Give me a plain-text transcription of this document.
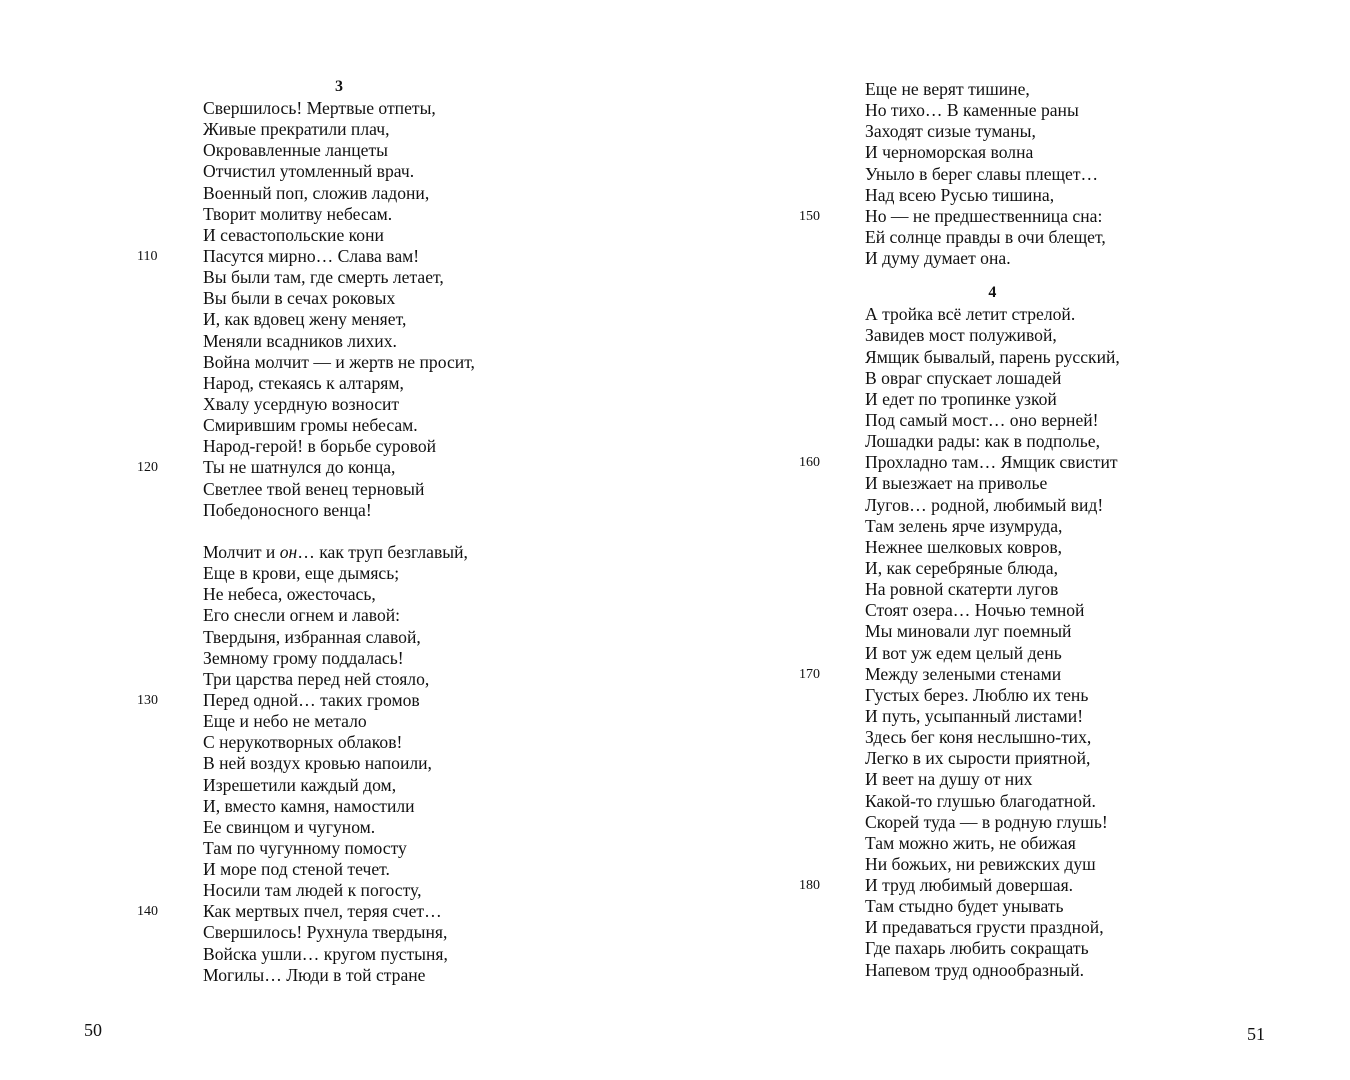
3
Свершилось! Мертвые отпеты,
Живые прекратили плач,
Окровавленные ланцеты
Отчистил утомленный врач.
Военный поп, сложив ладони,
Творит молитву небесам.
И севастопольские кони
Пасутся мирно… Слава вам!
110
Вы были там, где смерть летает,
Вы были в сечах роковых
И, как вдовец жену меняет,
Меняли всадников лихих.
Война молчит — и жертв не просит,
Народ, стекаясь к алтарям,
Хвалу усердную возносит
Смирившим громы небесам.
Народ-герой! в борьбе суровой
Ты не шатнулся до конца,
120
Светлее твой венец терновый
Победоносного венца!
Молчит и он… как труп безглавый,
Еще в крови, еще дымясь;
Не небеса, ожесточась,
Его снесли огнем и лавой:
Твердыня, избранная славой,
Земному грому поддалась!
Три царства перед ней стояло,
Перед одной… таких громов
130
Еще и небо не метало
С нерукотворных облаков!
В ней воздух кровью напоили,
Изрешетили каждый дом,
И, вместо камня, намостили
Ее свинцом и чугуном.
Там по чугунному помосту
И море под стеной течет.
Носили там людей к погосту,
Как мертвых пчел, теряя счет…
140
Свершилось! Рухнула твердыня,
Войска ушли… кругом пустыня,
Могилы… Люди в той стране
50
Еще не верят тишине,
Но тихо… В каменные раны
Заходят сизые туманы,
И черноморская волна
Уныло в берег славы плещет…
Над всею Русью тишина,
Но — не предшественница сна:
150
Ей солнце правды в очи блещет,
И думу думает она.
4
А тройка всё летит стрелой.
Завидев мост полуживой,
Ямщик бывалый, парень русский,
В овраг спускает лошадей
И едет по тропинке узкой
Под самый мост… оно верней!
Лошадки рады: как в подполье,
Прохладно там… Ямщик свистит
160
И выезжает на приволье
Лугов… родной, любимый вид!
Там зелень ярче изумруда,
Нежнее шелковых ковров,
И, как серебряные блюда,
На ровной скатерти лугов
Стоят озера… Ночью темной
Мы миновали луг поемный
И вот уж едем целый день
Между зелеными стенами
170
Густых берез. Люблю их тень
И путь, усыпанный листами!
Здесь бег коня неслышно-тих,
Легко в их сырости приятной,
И веет на душу от них
Какой-то глушью благодатной.
Скорей туда — в родную глушь!
Там можно жить, не обижая
Ни божьих, ни ревижских душ
И труд любимый довершая.
180
Там стыдно будет унывать
И предаваться грусти праздной,
Где пахарь любить сокращать
Напевом труд однообразный.
51
